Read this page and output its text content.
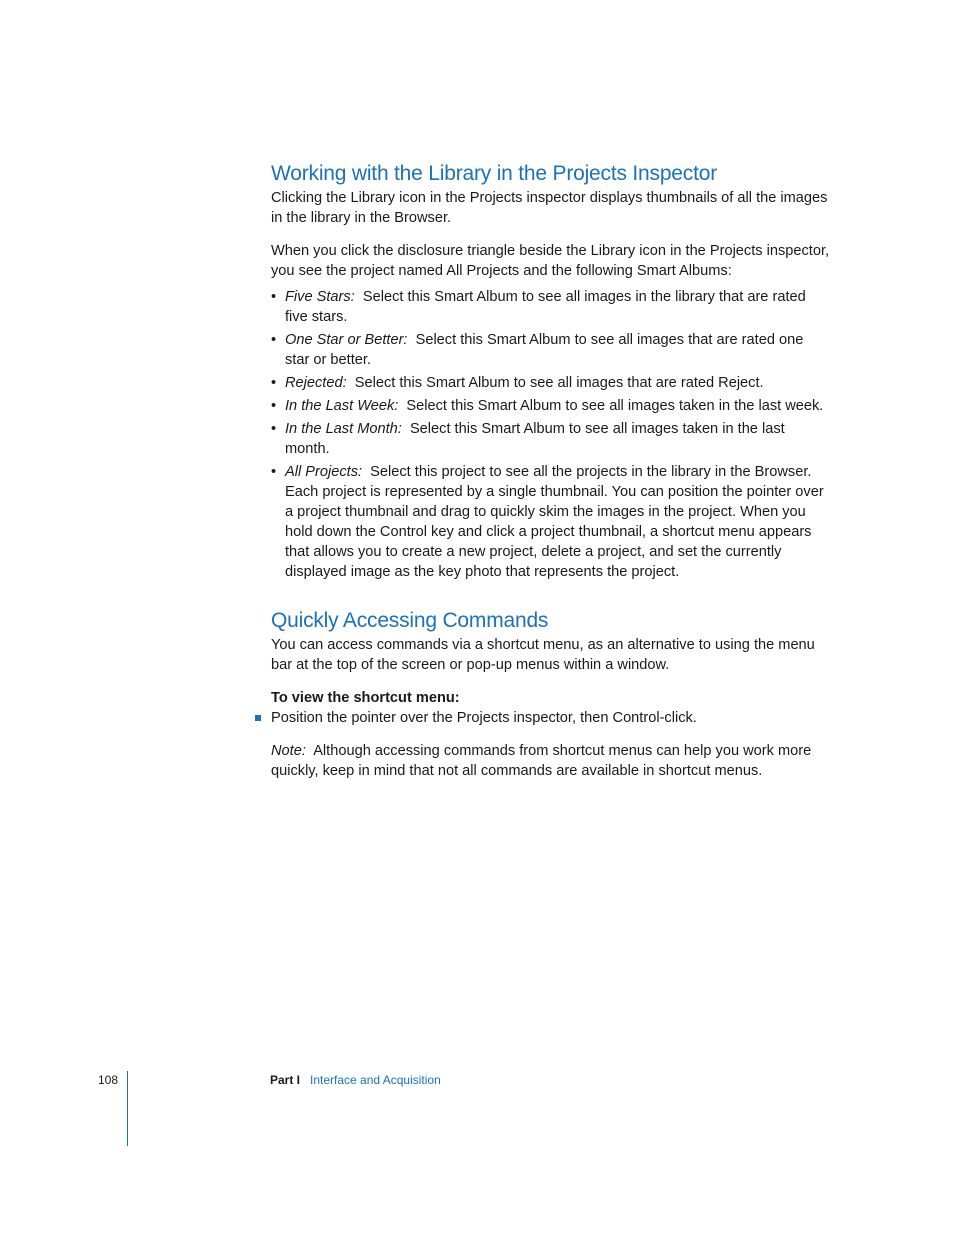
Working with the Library in the Projects Inspector

Clicking the Library icon in the Projects inspector displays thumbnails of all the images in the library in the Browser.

When you click the disclosure triangle beside the Library icon in the Projects inspector, you see the project named All Projects and the following Smart Albums:

• Five Stars: Select this Smart Album to see all images in the library that are rated five stars.
• One Star or Better: Select this Smart Album to see all images that are rated one star or better.
• Rejected: Select this Smart Album to see all images that are rated Reject.
• In the Last Week: Select this Smart Album to see all images taken in the last week.
• In the Last Month: Select this Smart Album to see all images taken in the last month.
• All Projects: Select this project to see all the projects in the library in the Browser. Each project is represented by a single thumbnail. You can position the pointer over a project thumbnail and drag to quickly skim the images in the project. When you hold down the Control key and click a project thumbnail, a shortcut menu appears that allows you to create a new project, delete a project, and set the currently displayed image as the key photo that represents the project.
Quickly Accessing Commands

You can access commands via a shortcut menu, as an alternative to using the menu bar at the top of the screen or pop-up menus within a window.

To view the shortcut menu:
Position the pointer over the Projects inspector, then Control-click.

Note: Although accessing commands from shortcut menus can help you work more quickly, keep in mind that not all commands are available in shortcut menus.

108	Part I Interface and Acquisition
